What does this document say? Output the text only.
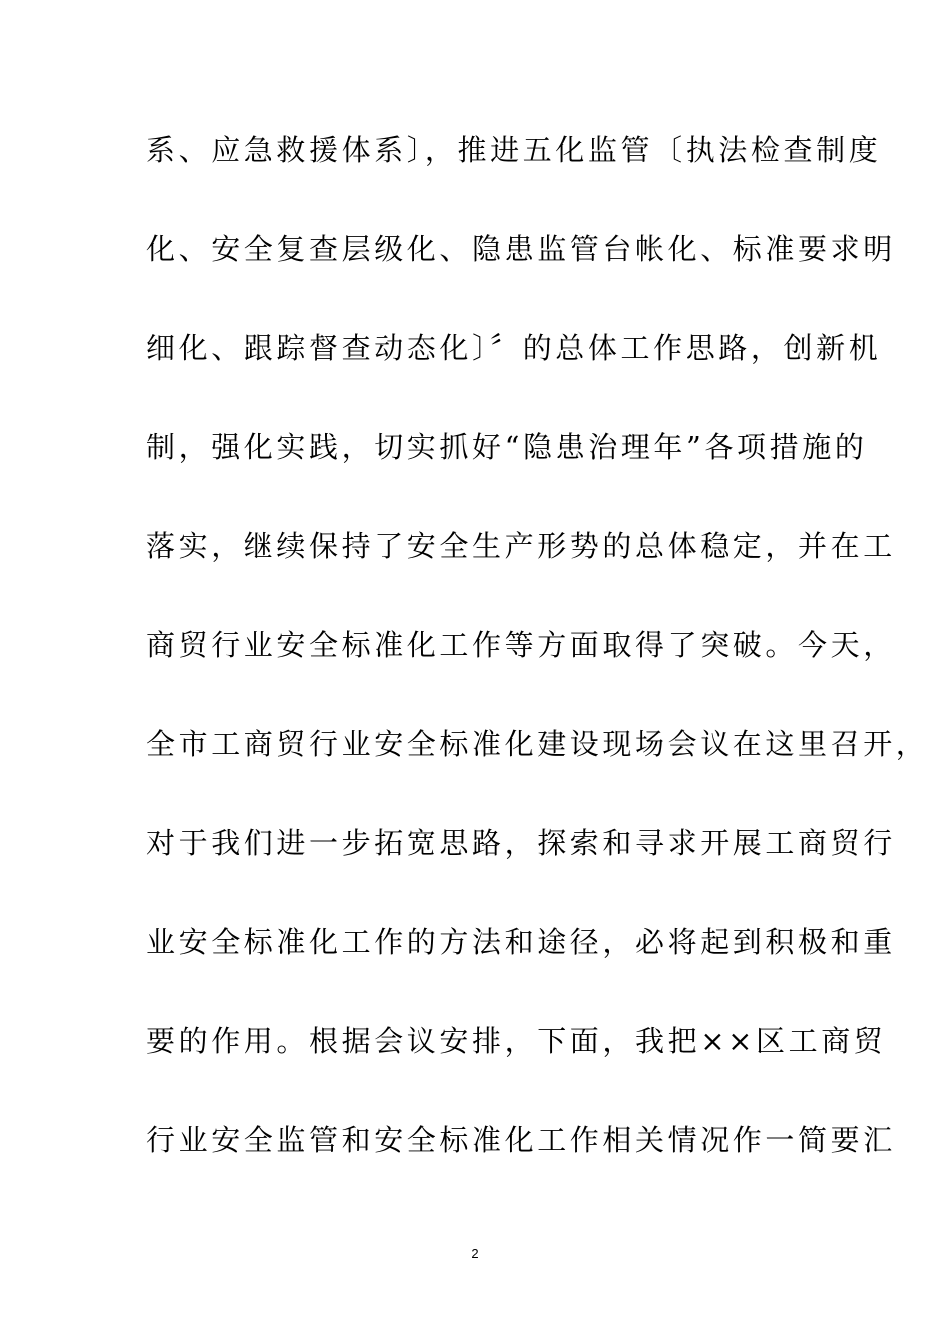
系、应急救援体系〕，推进五化监管〔执法检查制度
化、安全复查层级化、隐患监管台帐化、标准要求明
细化、跟踪督查动态化〕〞的总体工作思路，创新机
制，强化实践，切实抓好“隐患治理年”各项措施的
落实，继续保持了安全生产形势的总体稳定，并在工
商贸行业安全标准化工作等方面取得了突破。今天，
全市工商贸行业安全标准化建设现场会议在这里召开，
对于我们进一步拓宽思路，探索和寻求开展工商贸行
业安全标准化工作的方法和途径，必将起到积极和重
要的作用。根据会议安排，下面，我把××区工商贸
行业安全监管和安全标准化工作相关情况作一简要汇
2
